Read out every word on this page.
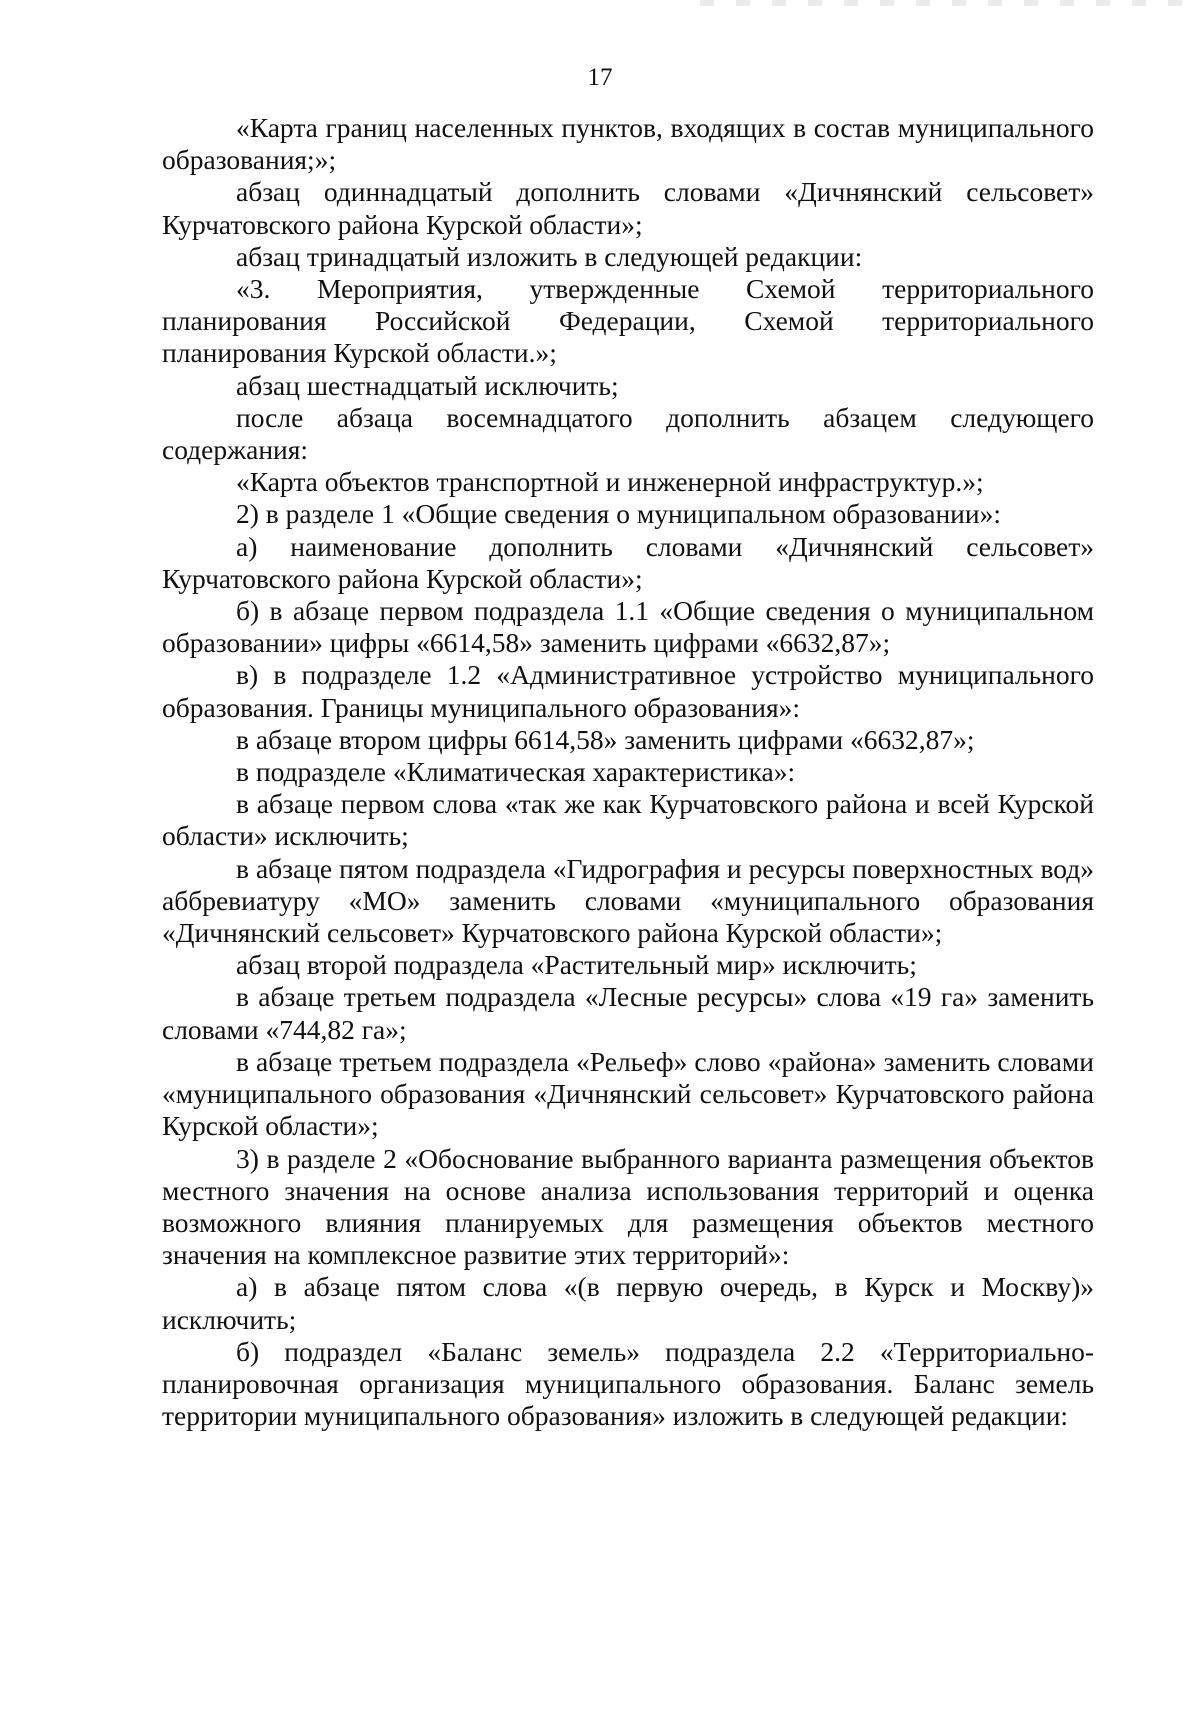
17

«Карта границ населенных пунктов, входящих в состав муниципального образования;»;

абзац одиннадцатый дополнить словами «Дичнянский сельсовет» Курчатовского района Курской области»;

абзац тринадцатый изложить в следующей редакции:

«3. Мероприятия, утвержденные Схемой территориального планирования Российской Федерации, Схемой территориального планирования Курской области.»;

абзац шестнадцатый исключить;

после абзаца восемнадцатого дополнить абзацем следующего содержания:

«Карта объектов транспортной и инженерной инфраструктур.»;

2) в разделе 1 «Общие сведения о муниципальном образовании»:

а) наименование дополнить словами «Дичнянский сельсовет» Курчатовского района Курской области»;

б) в абзаце первом подраздела 1.1 «Общие сведения о муниципальном образовании» цифры «6614,58» заменить цифрами «6632,87»;

в) в подразделе 1.2 «Административное устройство муниципального образования. Границы муниципального образования»:

в абзаце втором цифры 6614,58» заменить цифрами «6632,87»;

в подразделе «Климатическая характеристика»:

в абзаце первом слова «так же как Курчатовского района и всей Курской области» исключить;

в абзаце пятом подраздела «Гидрография и ресурсы поверхностных вод» аббревиатуру «МО» заменить словами «муниципального образования «Дичнянский сельсовет» Курчатовского района Курской области»;

абзац второй подраздела «Растительный мир» исключить;

в абзаце третьем подраздела «Лесные ресурсы» слова «19 га» заменить словами «744,82 га»;

в абзаце третьем подраздела «Рельеф» слово «района» заменить словами «муниципального образования «Дичнянский сельсовет» Курчатовского района Курской области»;

3) в разделе 2 «Обоснование выбранного варианта размещения объектов местного значения на основе анализа использования территорий и оценка возможного влияния планируемых для размещения объектов местного значения на комплексное развитие этих территорий»:

а) в абзаце пятом слова «(в первую очередь, в Курск и Москву)» исключить;

б) подраздел «Баланс земель» подраздела 2.2 «Территориально-планировочная организация муниципального образования. Баланс земель территории муниципального образования» изложить в следующей редакции:
